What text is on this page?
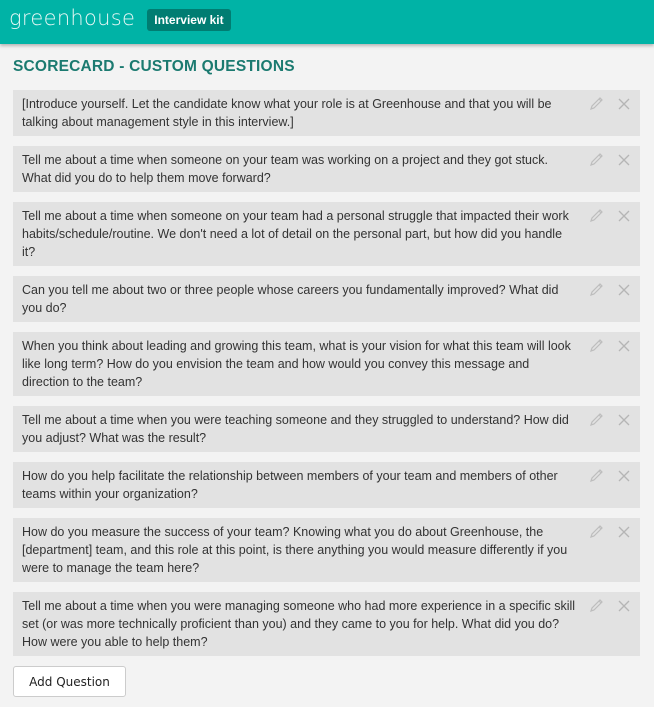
greenhouse	Interview kit
SCORECARD - CUSTOM QUESTIONS
[Introduce yourself. Let the candidate know what your role is at Greenhouse and that you will be talking about management style in this interview.]
Tell me about a time when someone on your team was working on a project and they got stuck. What did you do to help them move forward?
Tell me about a time when someone on your team had a personal struggle that impacted their work habits/schedule/routine. We don't need a lot of detail on the personal part, but how did you handle it?
Can you tell me about two or three people whose careers you fundamentally improved? What did you do?
When you think about leading and growing this team, what is your vision for what this team will look like long term? How do you envision the team and how would you convey this message and direction to the team?
Tell me about a time when you were teaching someone and they struggled to understand? How did you adjust? What was the result?
How do you help facilitate the relationship between members of your team and members of other teams within your organization?
How do you measure the success of your team? Knowing what you do about Greenhouse, the [department] team, and this role at this point, is there anything you would measure differently if you were to manage the team here?
Tell me about a time when you were managing someone who had more experience in a specific skill set (or was more technically proficient than you) and they came to you for help. What did you do? How were you able to help them?
Add Question
